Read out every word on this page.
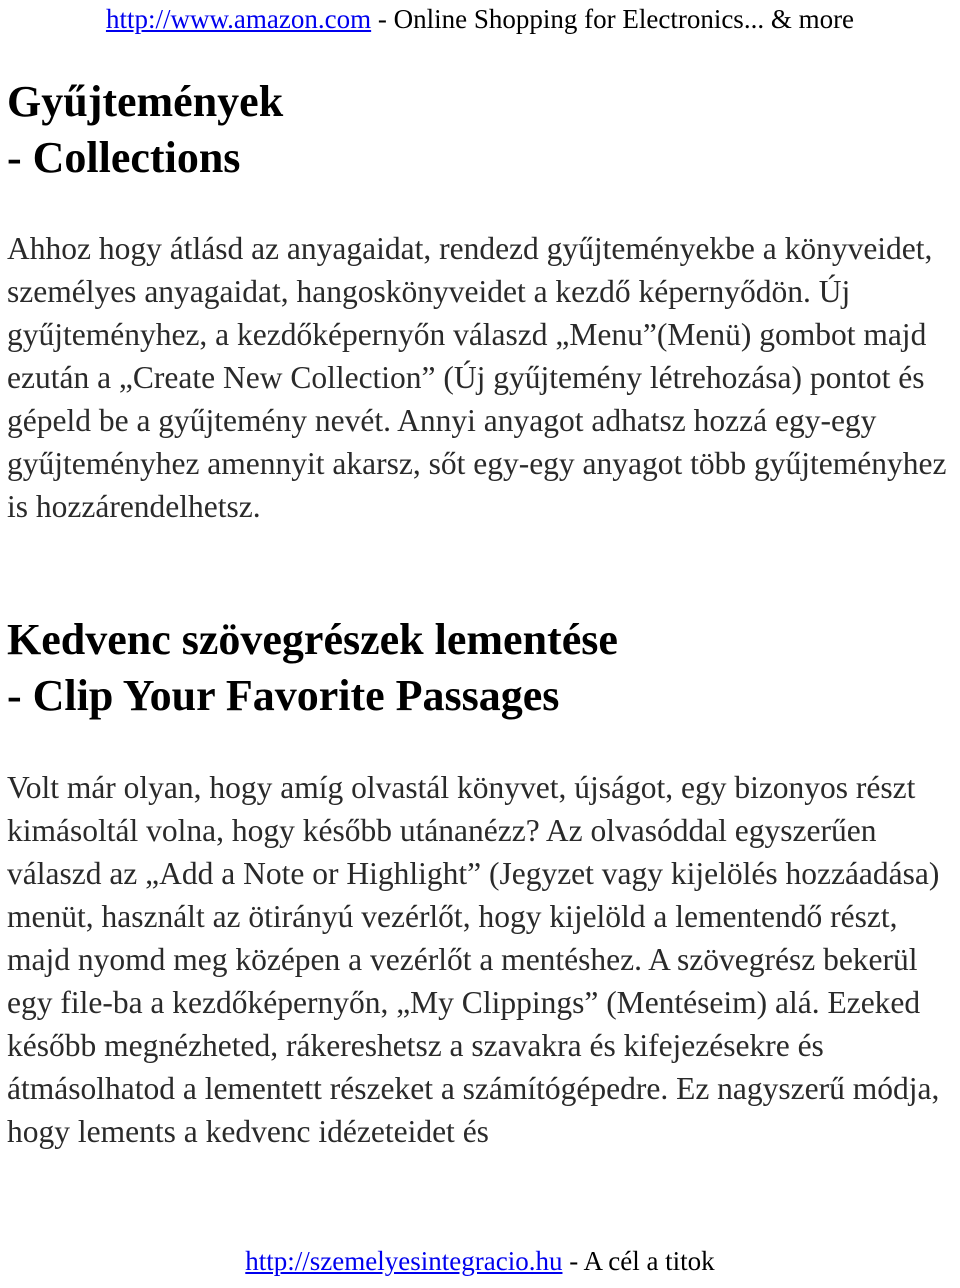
http://www.amazon.com - Online Shopping for Electronics... & more
Gyűjtemények
- Collections

Ahhoz hogy átlásd az anyagaidat, rendezd gyűjteményekbe a könyveidet, személyes anyagaidat, hangoskönyveidet a kezdő képernyődön. Új gyűjteményhez, a kezdőképernyőn válaszd „Menu”(Menü) gombot majd ezután a „Create New Collection” (Új gyűjtemény létrehozása) pontot és gépeld be a gyűjtemény nevét. Annyi anyagot adhatsz hozzá egy-egy gyűjteményhez amennyit akarsz, sőt egy-egy anyagot több gyűjteményhez is hozzárendelhetsz.

Kedvenc szövegrészek lementése
- Clip Your Favorite Passages

Volt már olyan, hogy amíg olvastál könyvet, újságot, egy bizonyos részt kimásoltál volna, hogy később utánanézz? Az olvasóddal egyszerűen válaszd az „Add a Note or Highlight” (Jegyzet vagy kijelölés hozzáadása) menüt, használt az ötirányú vezérlőt, hogy kijelöld a lementendő részt, majd nyomd meg középen a vezérlőt a mentéshez. A szövegrész bekerül egy file-ba a kezdőképernyőn, „My Clippings” (Mentéseim) alá. Ezeked később megnézheted, rákereshetsz a szavakra és kifejezésekre és átmásolhatod a lementett részeket a számítógépedre. Ez nagyszerű módja, hogy lements a kedvenc idézeteidet és

http://szemelyesintegracio.hu - A cél a titok
